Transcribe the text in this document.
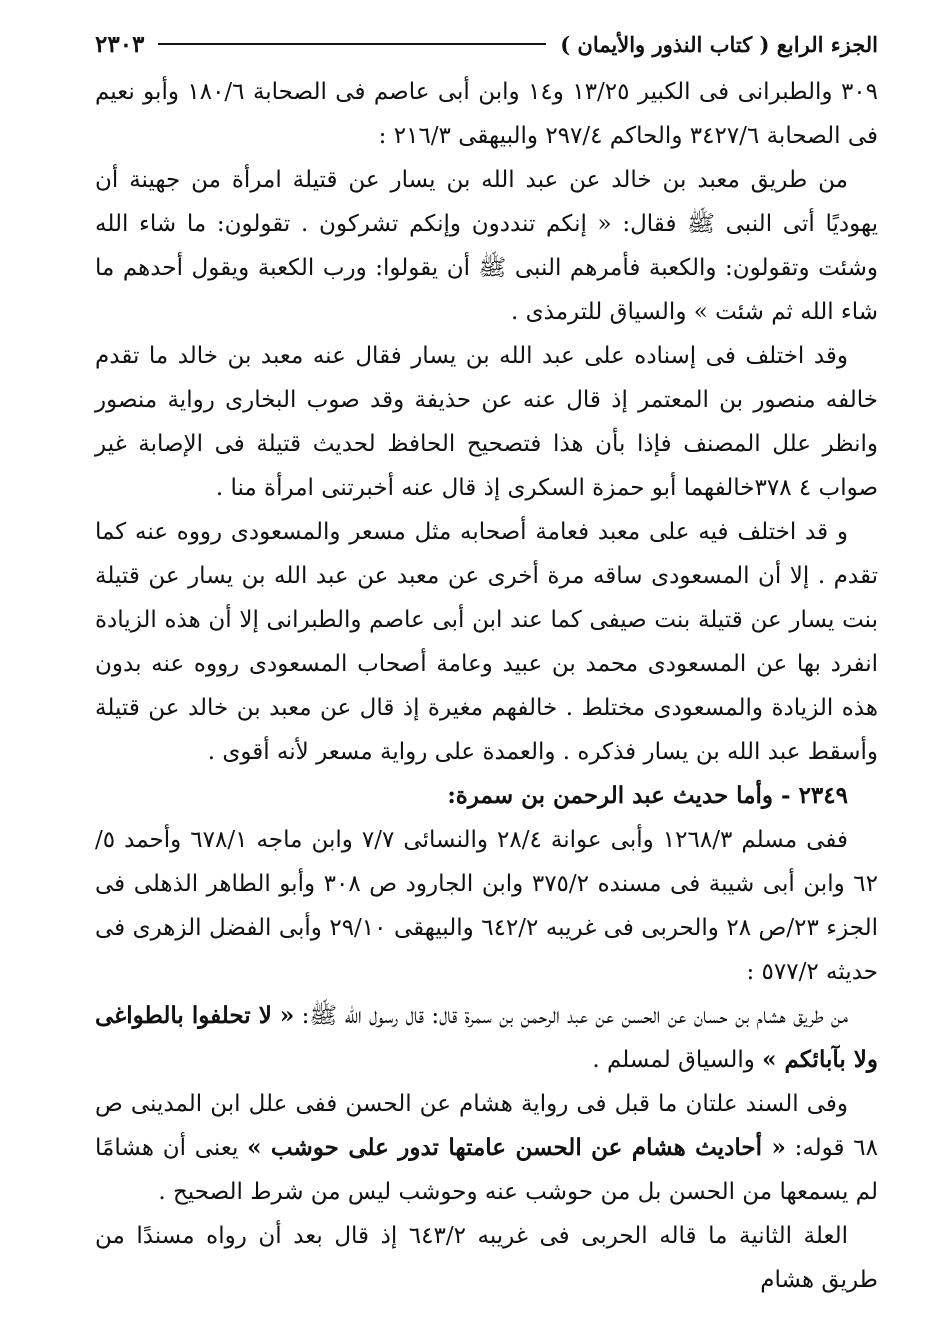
الجزء الرابع ( كتاب النذور والأيمان )
٢٣٠٣

٣٠٩ والطبرانى فى الكبير ١٣/٢٥ و١٤ وابن أبى عاصم فى الصحابة ١٨٠/٦ وأبو نعيم فى الصحابة ٣٤٢٧/٦ والحاكم ٢٩٧/٤ والبيهقى ٢١٦/٣ :

من طريق معبد بن خالد عن عبد الله بن يسار عن قتيلة امرأة من جهينة أن يهوديًا أتى النبى ﷺ فقال: « إنكم تنددون وإنكم تشركون . تقولون: ما شاء الله وشئت وتقولون: والكعبة فأمرهم النبى ﷺ أن يقولوا: ورب الكعبة ويقول أحدهم ما شاء الله ثم شئت » والسياق للترمذى .

وقد اختلف فى إسناده على عبد الله بن يسار فقال عنه معبد بن خالد ما تقدم خالفه منصور بن المعتمر إذ قال عنه عن حذيفة وقد صوب البخارى رواية منصور وانظر علل المصنف فإذا بأن هذا فتصحيح الحافظ لحديث قتيلة فى الإصابة غير صواب ٤ ٣٧٨خالفهما أبو حمزة السكرى إذ قال عنه أخبرتنى امرأة منا .

و قد اختلف فيه على معبد فعامة أصحابه مثل مسعر والمسعودى رووه عنه كما تقدم . إلا أن المسعودى ساقه مرة أخرى عن معبد عن عبد الله بن يسار عن قتيلة بنت يسار عن قتيلة بنت صيفى كما عند ابن أبى عاصم والطبرانى إلا أن هذه الزيادة انفرد بها عن المسعودى محمد بن عبيد وعامة أصحاب المسعودى رووه عنه بدون هذه الزيادة والمسعودى مختلط . خالفهم مغيرة إذ قال عن معبد بن خالد عن قتيلة وأسقط عبد الله بن يسار فذكره . والعمدة على رواية مسعر لأنه أقوى .

٢٣٤٩ - وأما حديث عبد الرحمن بن سمرة:

ففى مسلم ١٢٦٨/٣ وأبى عوانة ٢٨/٤ والنسائى ٧/٧ وابن ماجه ٦٧٨/١ وأحمد ٥/ ٦٢ وابن أبى شيبة فى مسنده ٣٧٥/٢ وابن الجارود ص ٣٠٨ وأبو الطاهر الذهلى فى الجزء ٢٣/ص ٢٨ والحربى فى غريبه ٦٤٢/٢ والبيهقى ٢٩/١٠ وأبى الفضل الزهرى فى حديثه ٥٧٧/٢ :

من طريق هشام بن حسان عن الحسن عن عبد الرحمن بن سمرة قال: قال رسول الله ﷺ: « لا تحلفوا بالطواغى ولا بآبائكم » والسياق لمسلم .

وفى السند علتان ما قبل فى رواية هشام عن الحسن ففى علل ابن المدينى ص ٦٨ قوله: « أحاديث هشام عن الحسن عامتها تدور على حوشب » يعنى أن هشامًا لم يسمعها من الحسن بل من حوشب عنه وحوشب ليس من شرط الصحيح .

العلة الثانية ما قاله الحربى فى غريبه ٦٤٣/٢ إذ قال بعد أن رواه مسندًا من طريق هشام
